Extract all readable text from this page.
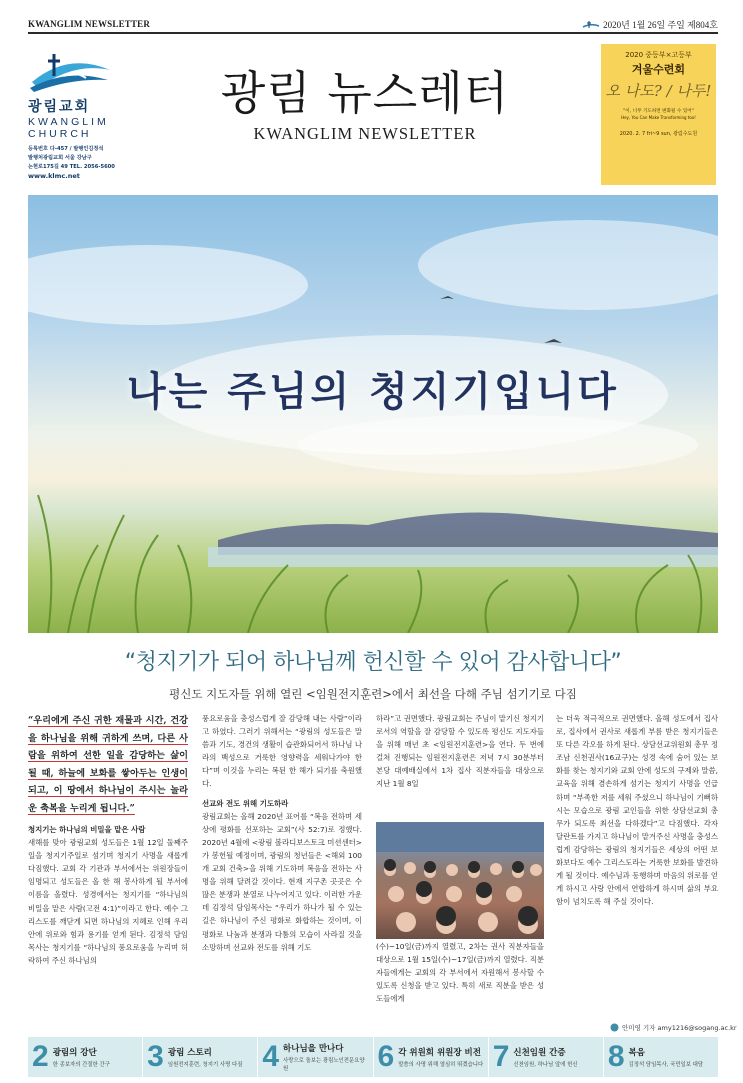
KWANGLIM NEWSLETTER	2020년 1월 26일 주일 제804호
광림교회
KWANGLIM
CHURCH
등록번호 다-457 / 발행인김정석
발행처광림교회 서울 강남구
논현로175길 49 TEL. 2056-5600
www.klmc.net
광림 뉴스레터
KWANGLIM NEWSLETTER
2020 중등부×고등부
겨울수련회
오 나도? / 나두!
"이, 너무 기도하면 변화될 수 있어"
Hey, You Can Make Transforming too!
2020. 2. 7 fri~9 sun, 광림수도원
나는 주님의 청지기입니다
“청지기가 되어 하나님께 헌신할 수 있어 감사합니다”
평신도 지도자들 위해 열린 <임원전지훈련>에서 최선을 다해 주님 섬기기로 다짐

“우리에게 주신 귀한 재물과 시간, 건강을 하나님을 위해 귀하게 쓰며, 다른 사람을 위하여 선한 일을 감당하는 삶이 될 때, 하늘에 보화를 쌓아두는 인생이 되고, 이 땅에서 하나님이 주시는 놀라운 축복을 누리게 됩니다.”

청지기는 하나님의 비밀을 맡은 사람

새해를 맞아 광림교회 성도들은 1월 12일 둘째주일을 청지기주일로 섬기며 청지기 사명을 새롭게 다짐했다. 교회 각 기관과 부서에서는 위원장들이 임명되고 성도들은 올 한 해 봉사하게 될 부서에 이름을 올렸다. 성경에서는 청지기를 “하나님의 비밀을 맡은 사람(고전 4:1)”이라고 한다. 예수 그리스도를 깨닫게 되면 하나님의 지혜로 인해 우리 안에 위로와 힘과 용기를 얻게 된다. 김정석 담임목사는 청지기를 “하나님의 풍요로움을 누리며 허락하여 주신 하나님의

풍요로움을 충성스럽게 잘 감당해 내는 사람”이라고 하였다. 그러기 위해서는 “광림의 성도들은 말씀과 기도, 경건의 생활이 습관화되어서 하나님 나라의 백성으로 거룩한 영향력을 세워나가야 한다”며 이것을 누리는 복된 한 해가 되기를 축원했다.

선교와 전도 위해 기도하라

광림교회는 올해 2020년 표어를 “복음 전하며 세상에 평화를 선포하는 교회”(사 52:7)로 정했다. 2020년 4월에 <광림 볼라디보스토크 미션센터>가 봉헌될 예정이며, 광림의 청년들은 <해외 100개 교회 건축>을 위해 기도하며 복음을 전하는 사명을 위해 달려갈 것이다. 현재 지구촌 곳곳은 수많은 분쟁과 분열로 나누어지고 있다. 이러한 가운데 김정석 담임목사는 “우리가 하나가 될 수 있는 길은 하나님이 주신 평화로 화합하는 것이며, 이 평화로 나눔과 분쟁과 다툼의 모습이 사라질 것을 소망하며 선교와 전도를 위해 기도

하라”고 권면했다. 광림교회는 주님이 맡기신 청지기로서의 역할을 잘 감당할 수 있도록 평신도 지도자들을 위해 매년 초 <임원전지훈련>을 연다. 두 번에 걸쳐 진행되는 임원전지훈련은 저녁 7시 30분부터 본당 대예배실에서 1차 집사 직분자들을 대상으로 지난 1월 8일

(수)~10일(금)까지 열렸고, 2차는 권사 직분자들을 대상으로 1월 15일(수)~17일(금)까지 열렸다. 직분자들에게는 교회의 각 부서에서 자원해서 봉사할 수 있도록 신청을 받고 있다. 특히 새로 직분을 받은 성도들에게

는 더욱 적극적으로 권면했다. 올해 성도에서 집사로, 집사에서 권사로 새롭게 부름 받은 청지기들은 또 다른 각오를 하게 된다. 상담선교위원회 총무 정조남 신천권사(16교구)는 성경 속에 숨어 있는 보화를 찾는 청지기와 교회 안에 성도의 구제와 말씀, 교육을 위해 겸손하게 섬기는 청지기 사명을 언급하며 “부족한 저를 세워 주셨으니 하나님이 기뻐하시는 모습으로 광림 교인들을 위한 상담선교회 총무가 되도록 최선을 다하겠다”고 다짐했다. 각자 달란트를 가지고 하나님이 맡겨주신 사명을 충성스럽게 감당하는 광림의 청지기들은 세상의 어떤 보화보다도 예수 그리스도라는 거룩한 보화를 발견하게 될 것이다. 예수님과 동행하며 마음의 위로를 얻게 하시고 사랑 안에서 연합하게 하시며 삶의 부요함이 넘치도록 해 주실 것이다.

안미영 기자 amy1216@sogang.ac.kr
2 광림의 강단
한 종보자의 간절한 간구 3 광림 스토리
임원전지훈련, 청지기 사명 다짐 4 하나님을 만나다
사랑으로 돌보는 광림노인전문요양원	6 각 위원회 위원장 비전
말씀의 사명 위해 열심히 뛰겠습니다 7 신천임원 간증
신천임원, 하나님 앞에 헌신 8 복음
김정석 담임목사, 국민일보 대담
